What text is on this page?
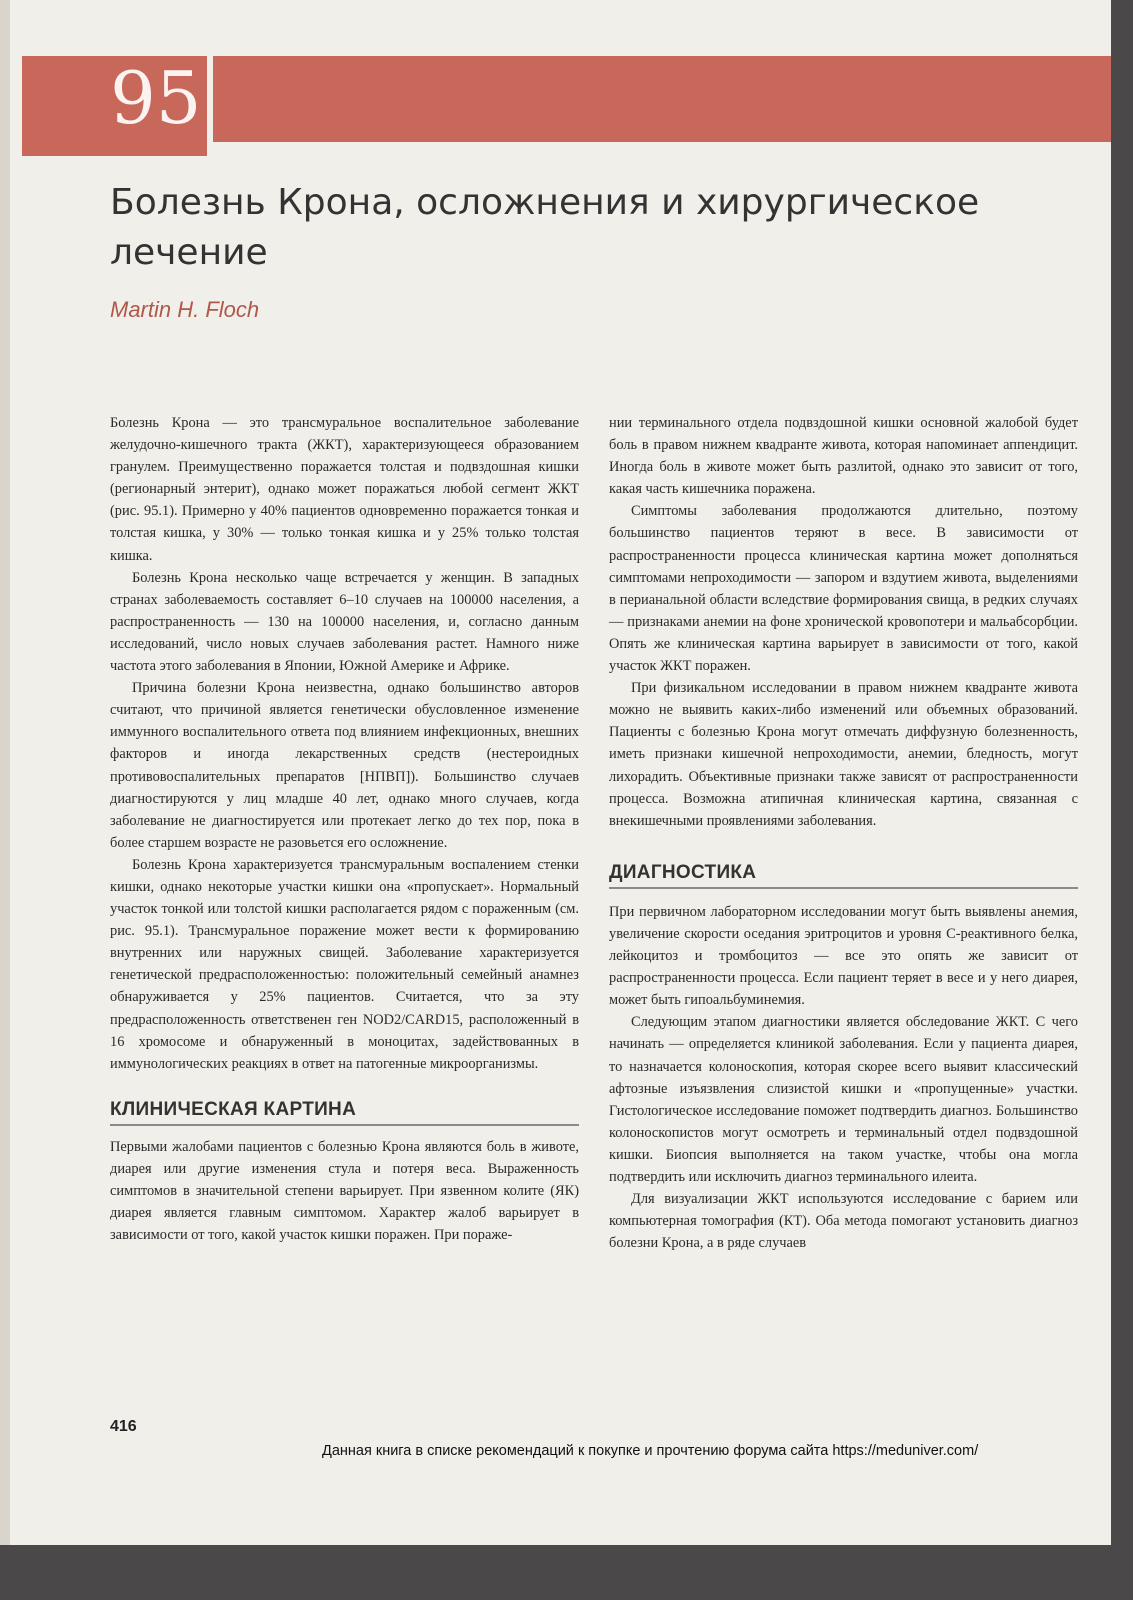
95
Болезнь Крона, осложнения и хирургическое лечение
Martin H. Floch

Болезнь Крона — это трансмуральное воспалительное заболевание желудочно-кишечного тракта (ЖКТ), характеризующееся образованием гранулем. Преимущественно поражается толстая и подвздошная кишки (регионарный энтерит), однако может поражаться любой сегмент ЖКТ (рис. 95.1). Примерно у 40% пациентов одновременно поражается тонкая и толстая кишка, у 30% — только тонкая кишка и у 25% только толстая кишка.

Болезнь Крона несколько чаще встречается у женщин. В западных странах заболеваемость составляет 6–10 случаев на 100000 населения, а распространенность — 130 на 100000 населения, и, согласно данным исследований, число новых случаев заболевания растет. Намного ниже частота этого заболевания в Японии, Южной Америке и Африке.

Причина болезни Крона неизвестна, однако большинство авторов считают, что причиной является генетически обусловленное изменение иммунного воспалительного ответа под влиянием инфекционных, внешних факторов и иногда лекарственных средств (нестероидных противовоспалительных препаратов [НПВП]). Большинство случаев диагностируются у лиц младше 40 лет, однако много случаев, когда заболевание не диагностируется или протекает легко до тех пор, пока в более старшем возрасте не разовьется его осложнение.

Болезнь Крона характеризуется трансмуральным воспалением стенки кишки, однако некоторые участки кишки она «пропускает». Нормальный участок тонкой или толстой кишки располагается рядом с пораженным (см. рис. 95.1). Трансмуральное поражение может вести к формированию внутренних или наружных свищей. Заболевание характеризуется генетической предрасположенностью: положительный семейный анамнез обнаруживается у 25% пациентов. Считается, что за эту предрасположенность ответственен ген NOD2/CARD15, расположенный в 16 хромосоме и обнаруженный в моноцитах, задействованных в иммунологических реакциях в ответ на патогенные микроорганизмы.

КЛИНИЧЕСКАЯ КАРТИНА

Первыми жалобами пациентов с болезнью Крона являются боль в животе, диарея или другие изменения стула и потеря веса. Выраженность симптомов в значительной степени варьирует. При язвенном колите (ЯК) диарея является главным симптомом. Характер жалоб варьирует в зависимости от того, какой участок кишки поражен. При пораже-

нии терминального отдела подвздошной кишки основной жалобой будет боль в правом нижнем квадранте живота, которая напоминает аппендицит. Иногда боль в животе может быть разлитой, однако это зависит от того, какая часть кишечника поражена.

Симптомы заболевания продолжаются длительно, поэтому большинство пациентов теряют в весе. В зависимости от распространенности процесса клиническая картина может дополняться симптомами непроходимости — запором и вздутием живота, выделениями в перианальной области вследствие формирования свища, в редких случаях — признаками анемии на фоне хронической кровопотери и мальабсорбции. Опять же клиническая картина варьирует в зависимости от того, какой участок ЖКТ поражен.

При физикальном исследовании в правом нижнем квадранте живота можно не выявить каких-либо изменений или объемных образований. Пациенты с болезнью Крона могут отмечать диффузную болезненность, иметь признаки кишечной непроходимости, анемии, бледность, могут лихорадить. Объективные признаки также зависят от распространенности процесса. Возможна атипичная клиническая картина, связанная с внекишечными проявлениями заболевания.

ДИАГНОСТИКА

При первичном лабораторном исследовании могут быть выявлены анемия, увеличение скорости оседания эритроцитов и уровня С-реактивного белка, лейкоцитоз и тромбоцитоз — все это опять же зависит от распространенности процесса. Если пациент теряет в весе и у него диарея, может быть гипоальбуминемия.

Следующим этапом диагностики является обследование ЖКТ. С чего начинать — определяется клиникой заболевания. Если у пациента диарея, то назначается колоноскопия, которая скорее всего выявит классический афтозные изъязвления слизистой кишки и «пропущенные» участки. Гистологическое исследование поможет подтвердить диагноз. Большинство колоноскопистов могут осмотреть и терминальный отдел подвздошной кишки. Биопсия выполняется на таком участке, чтобы она могла подтвердить или исключить диагноз терминального илеита.

Для визуализации ЖКТ используются исследование с барием или компьютерная томография (КТ). Оба метода помогают установить диагноз болезни Крона, а в ряде случаев

416
Данная книга в списке рекомендаций к покупке и прочтению форума сайта https://meduniver.com/
